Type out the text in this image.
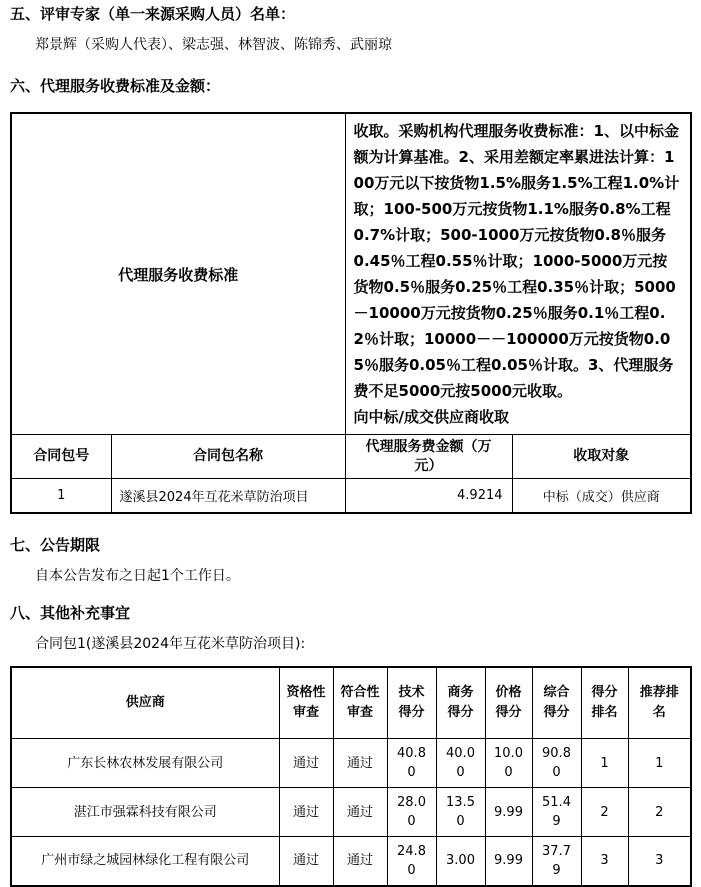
五、评审专家（单一来源采购人员）名单：

郑景辉（采购人代表）、梁志强、林智波、陈锦秀、武丽琼

六、代理服务收费标准及金额：
代理服务收费标准		收取。采购机构代理服务收费标准：1、以中标金额为计算基准。2、采用差额定率累进法计算：100万元以下按货物1.5%服务1.5%工程1.0%计取；100-500万元按货物1.1%服务0.8%工程0.7%计取；500-1000万元按货物0.8％服务0.45％工程0.55％计取；1000-5000万元按货物0.5％服务0.25％工程0.35％计取；5000－10000万元按货物0.25％服务0.1％工程0.2％计取；10000－－100000万元按货物0.05％服务0.05％工程0.05％计取。3、代理服务费不足5000元按5000元收取。

向中标/成交供应商收取	

合同包号	合同包名称	代理服务费金额（万元）	收取对象
1	遂溪县2024年互花米草防治项目	4.9214	中标（成交）供应商
七、公告期限

自本公告发布之日起1个工作日。

八、其他补充事宜

合同包1(遂溪县2024年互花米草防治项目):

供应商	资格性审查	符合性审查	技术得分	商务得分	价格得分	综合得分	得分排名	推荐排名
广东长林农林发展有限公司	通过	通过	40.80	40.00	10.00	90.80	1	1
湛江市强霖科技有限公司	通过	通过	28.00	13.50	9.99	51.49	2	2
广州市绿之城园林绿化工程有限公司	通过	通过	24.80	3.00	9.99	37.79	3	3
